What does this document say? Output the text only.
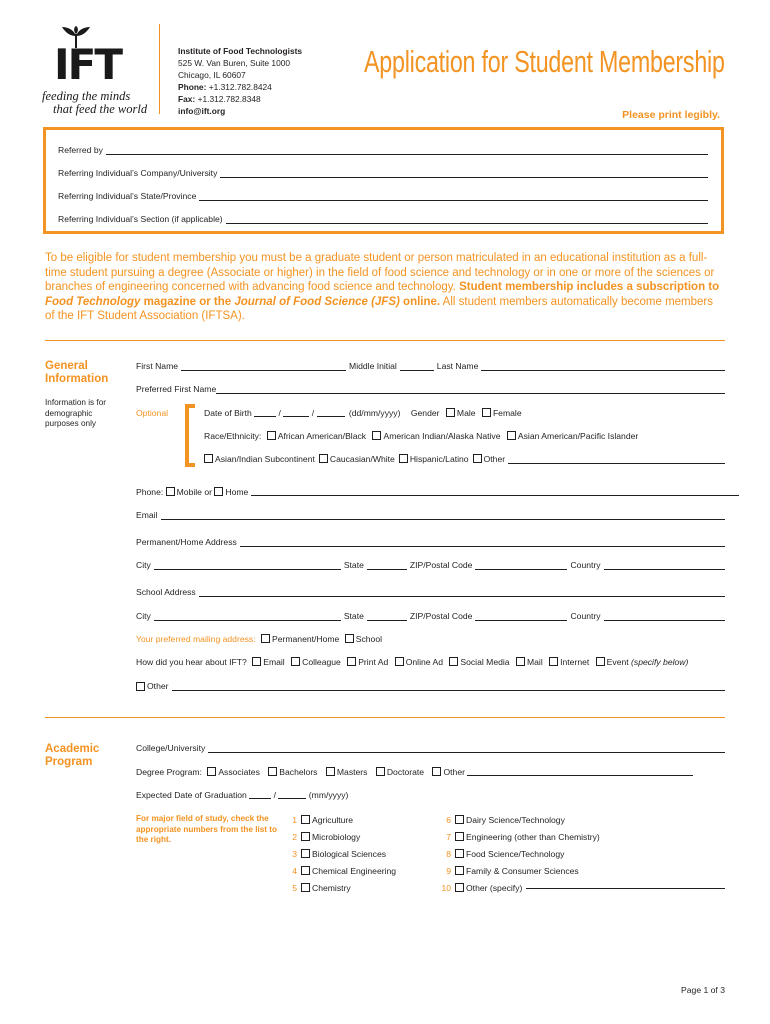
IFT
feeding the minds
that feed the world
Institute of Food Technologists
525 W. Van Buren, Suite 1000
Chicago, IL 60607
Phone: +1.312.782.8424
Fax: +1.312.782.8348
info@ift.org
Application for Student Membership
Please print legibly.
Referred by
Referring Individual’s Company/University
Referring Individual’s State/Province
Referring Individual’s Section (if applicable)
To be eligible for student membership you must be a graduate student or person matriculated in an educational institution as a full-time student pursuing a degree (Associate or higher) in the field of food science and technology or in one or more of the sciences or branches of engineering concerned with advancing food science and technology. Student membership includes a subscription to Food Technology magazine or the Journal of Food Science (JFS) online. All student members automatically become members of the IFT Student Association (IFTSA).
General Information
Information is for demographic purposes only
Optional
First Name	Middle Initial	Last Name
Preferred First Name
Date of Birth	/	/	(dd/mm/yyyy) Gender Male Female
Race/Ethnicity: African American/Black American Indian/Alaska Native Asian American/Pacific Islander
Asian/Indian Subcontinent	Caucasian/White	Hispanic/Latino	Other
Phone: Mobile or Home
Email
Permanent/Home Address
City	State	ZIP/Postal Code	Country
School Address
City	State	ZIP/Postal Code	Country
Your preferred mailing address: Permanent/Home School
How did you hear about IFT? Email Colleague Print Ad Online Ad Social Media Mail Internet Event (specify below)
Other
Academic Program
College/University
Degree Program: Associates Bachelors Masters Doctorate Other
Expected Date of Graduation	/	(mm/yyyy)
For major field of study, check the appropriate numbers from the list to the right.
1 Agriculture
2 Microbiology
3 Biological Sciences
4 Chemical Engineering
5 Chemistry
6 Dairy Science/Technology
7 Engineering (other than Chemistry)
8 Food Science/Technology
9 Family & Consumer Sciences
10 Other (specify)
Page 1 of 3
